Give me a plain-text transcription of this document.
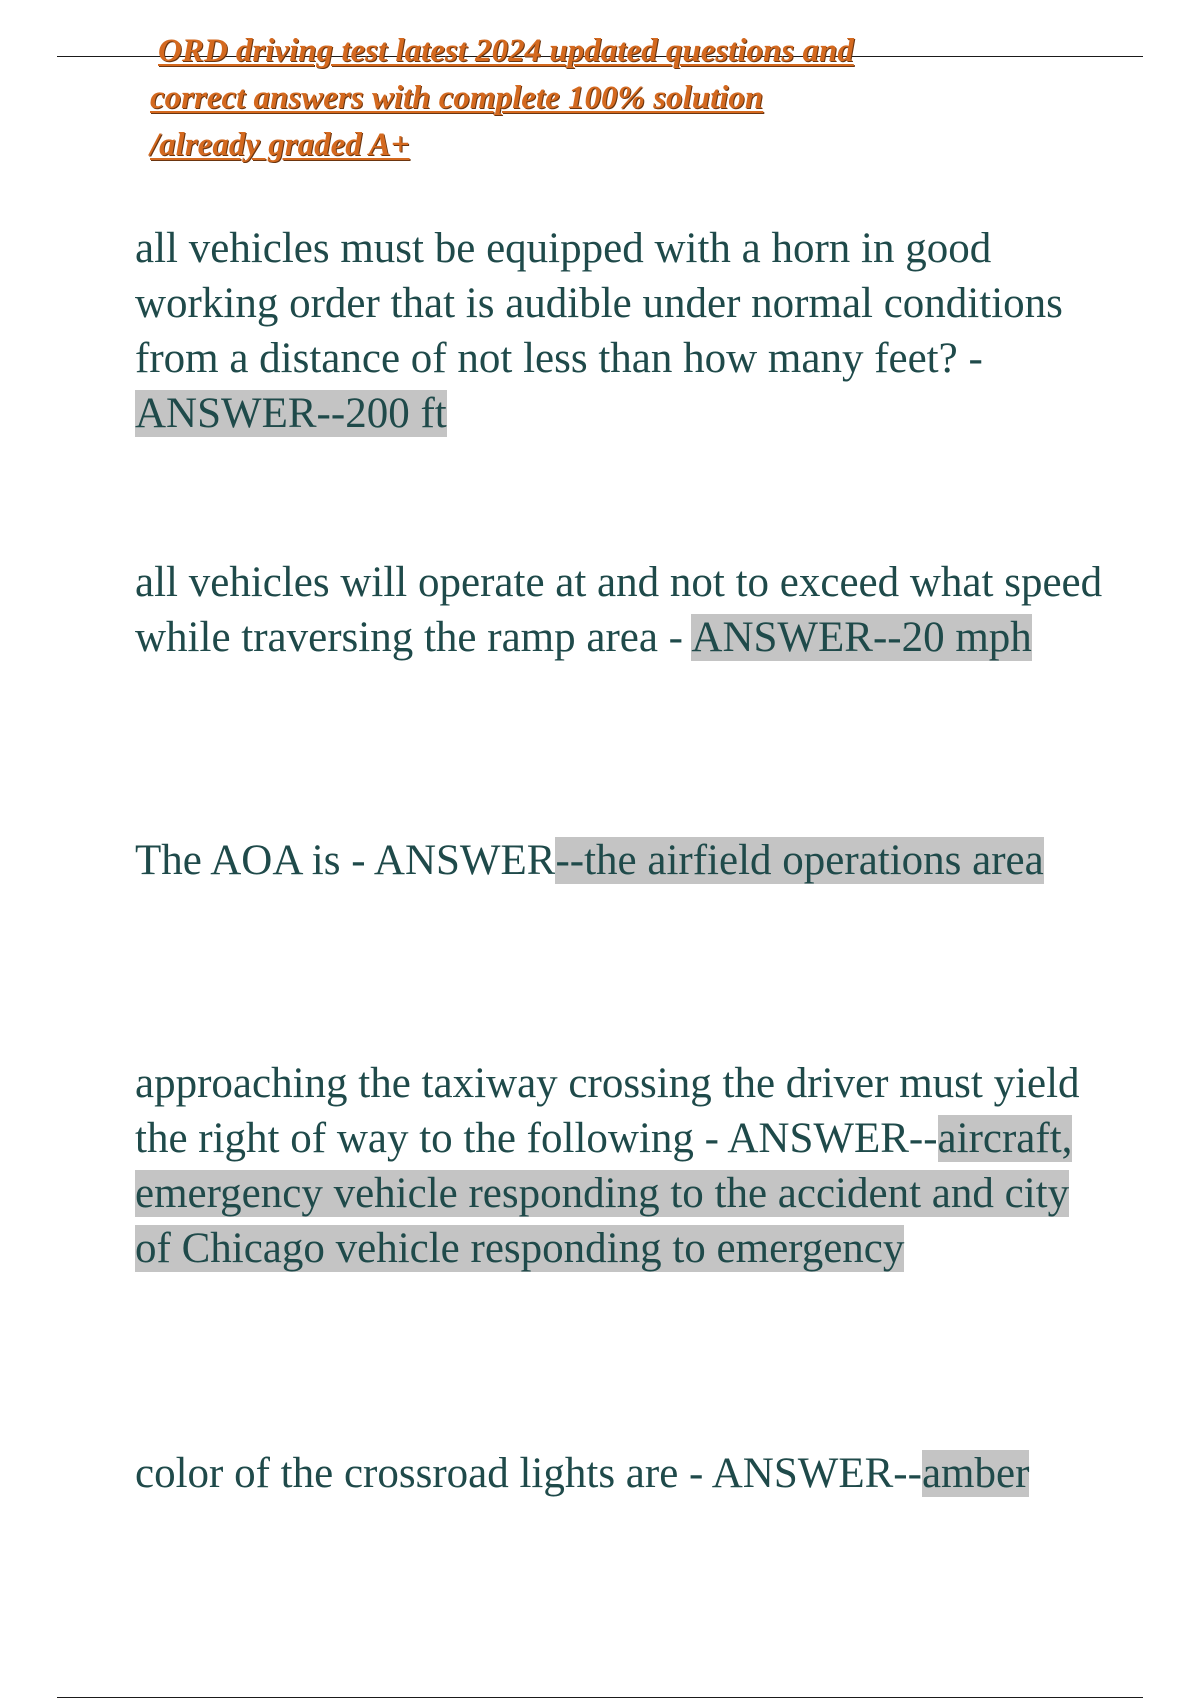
ORD driving test latest 2024 updated questions and
correct answers with complete 100% solution
/already graded A+
all vehicles must be equipped with a horn in good working order that is audible under normal conditions from a distance of not less than how many feet? - ANSWER--200 ft
all vehicles will operate at and not to exceed what speed while traversing the ramp area - ANSWER--20 mph
The AOA is - ANSWER--the airfield operations area
approaching the taxiway crossing the driver must yield the right of way to the following - ANSWER--aircraft, emergency vehicle responding to the accident and city of Chicago vehicle responding to emergency
color of the crossroad lights are - ANSWER--amber
